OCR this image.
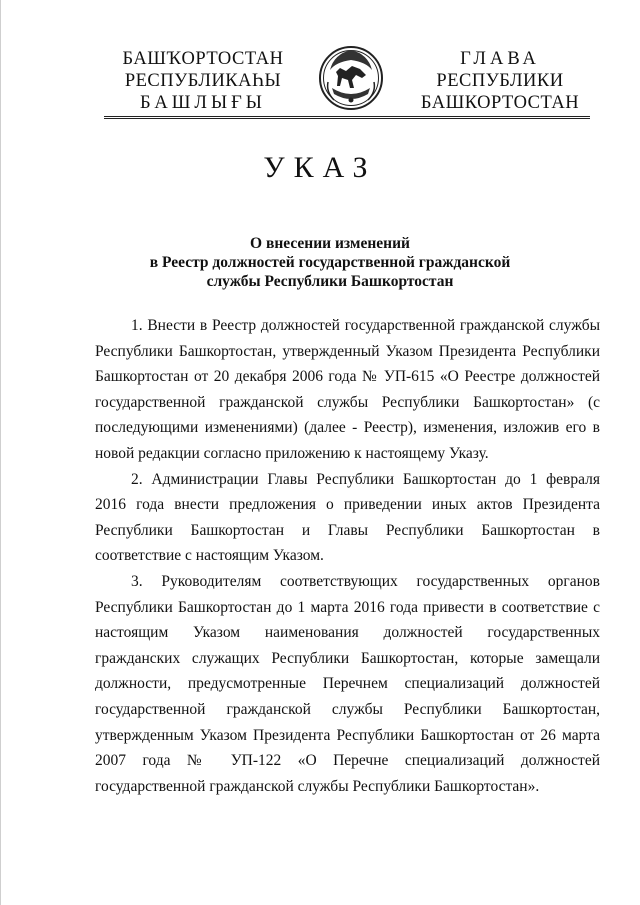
БАШҠОРТОСТАН
РЕСПУБЛИКАҺЫ
БАШЛЫҒЫ
ГЛАВА
РЕСПУБЛИКИ
БАШКОРТОСТАН
УКАЗ
О внесении изменений
в Реестр должностей государственной гражданской
службы Республики Башкортостан

1. Внести в Реестр должностей государственной гражданской службы Республики Башкортостан, утвержденный Указом Президента Республики Башкортостан от 20 декабря 2006 года № УП-615 «О Реестре должностей государственной гражданской службы Республики Башкортостан» (с последующими изменениями) (далее - Реестр), изменения, изложив его в новой редакции согласно приложению к настоящему Указу.

2. Администрации Главы Республики Башкортостан до 1 февраля 2016 года внести предложения о приведении иных актов Президента Республики Башкортостан и Главы Республики Башкортостан в соответствие с настоящим Указом.

3. Руководителям соответствующих государственных органов Республики Башкортостан до 1 марта 2016 года привести в соответствие с настоящим Указом наименования должностей государственных гражданских служащих Республики Башкортостан, которые замещали должности, предусмотренные Перечнем специализаций должностей государственной гражданской службы Республики Башкортостан, утвержденным Указом Президента Республики Башкортостан от 26 марта 2007 года № УП-122 «О Перечне специализаций должностей государственной гражданской службы Республики Башкортостан».
